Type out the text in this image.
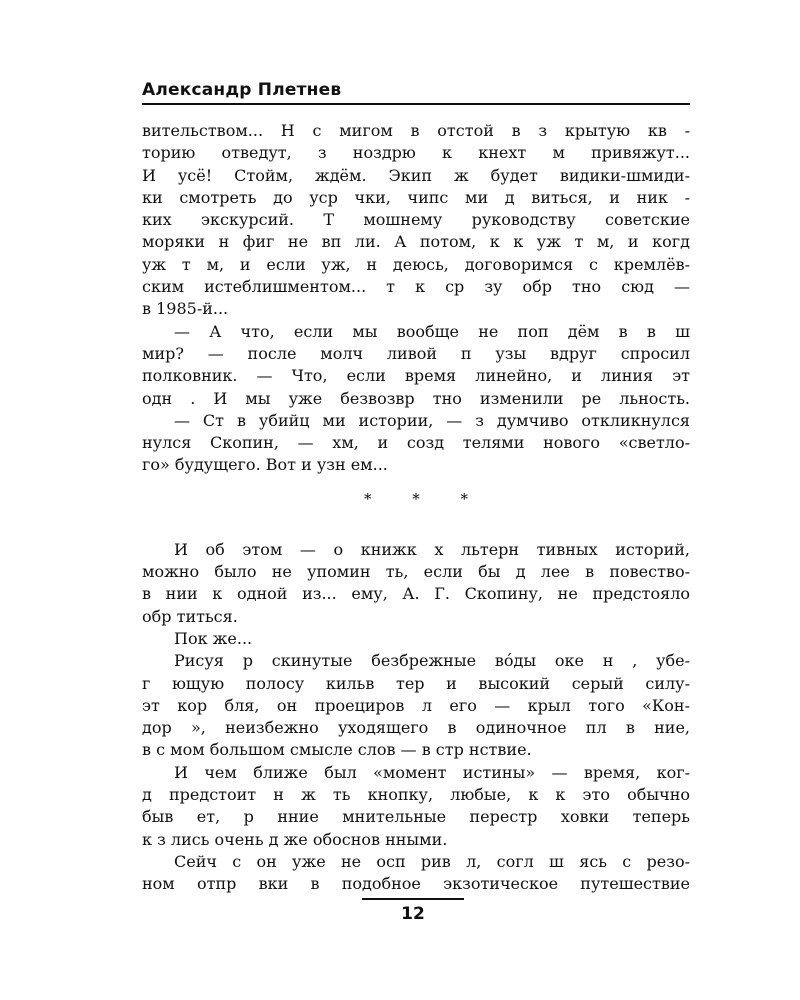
Александр Плетнев
вительством... Н с мигом в отстой в з крытую кв -
торию отведут, з ноздрю к кнехт м привяжут...
И усё! Стойм, ждём. Экип ж будет видики-шмиди-
ки смотреть до уср чки, чипс ми д виться, и ник -
ких экскурсий. Т мошнему руководству советские
моряки н фиг не вп ли. А потом, к к уж т м, и когд
уж т м, и если уж, н деюсь, договоримся с кремлёв-
ским истеблишментом... т к ср зу обр тно сюд —
в 1985-й...
— А что, если мы вообще не поп дём в в ш
мир? — после молч ливой п узы вдруг спросил
полковник. — Что, если время линейно, и линия эт
одн . И мы уже безвозвр тно изменили ре льность.
— Ст в убийц ми истории, — з думчиво откликнулся
нулся Скопин, — хм, и созд телями нового «светло-
го» будущего. Вот и узн ем...
* * *
И об этом — о книжк х льтерн тивных историй,
можно было не упомин ть, если бы д лее в повество-
в нии к одной из... ему, А. Г. Скопину, не предстояло
обр титься.
Пок же...
Рисуя р скинутые безбрежные вóды оке н , убе-
г ющую полосу кильв тер и высокий серый силу-
эт кор бля, он проециров л его — крыл того «Кон-
дор », неизбежно уходящего в одиночное пл в ние,
в с мом большом смысле слов — в стр нствие.
И чем ближе был «момент истины» — время, ког-
д предстоит н ж ть кнопку, любые, к к это обычно
быв ет, р нние мнительные перестр ховки теперь
к з лись очень д же обоснов нными.
Сейч с он уже не осп рив л, согл ш ясь с резо-
ном отпр вки в подобное экзотическое путешествие
12
